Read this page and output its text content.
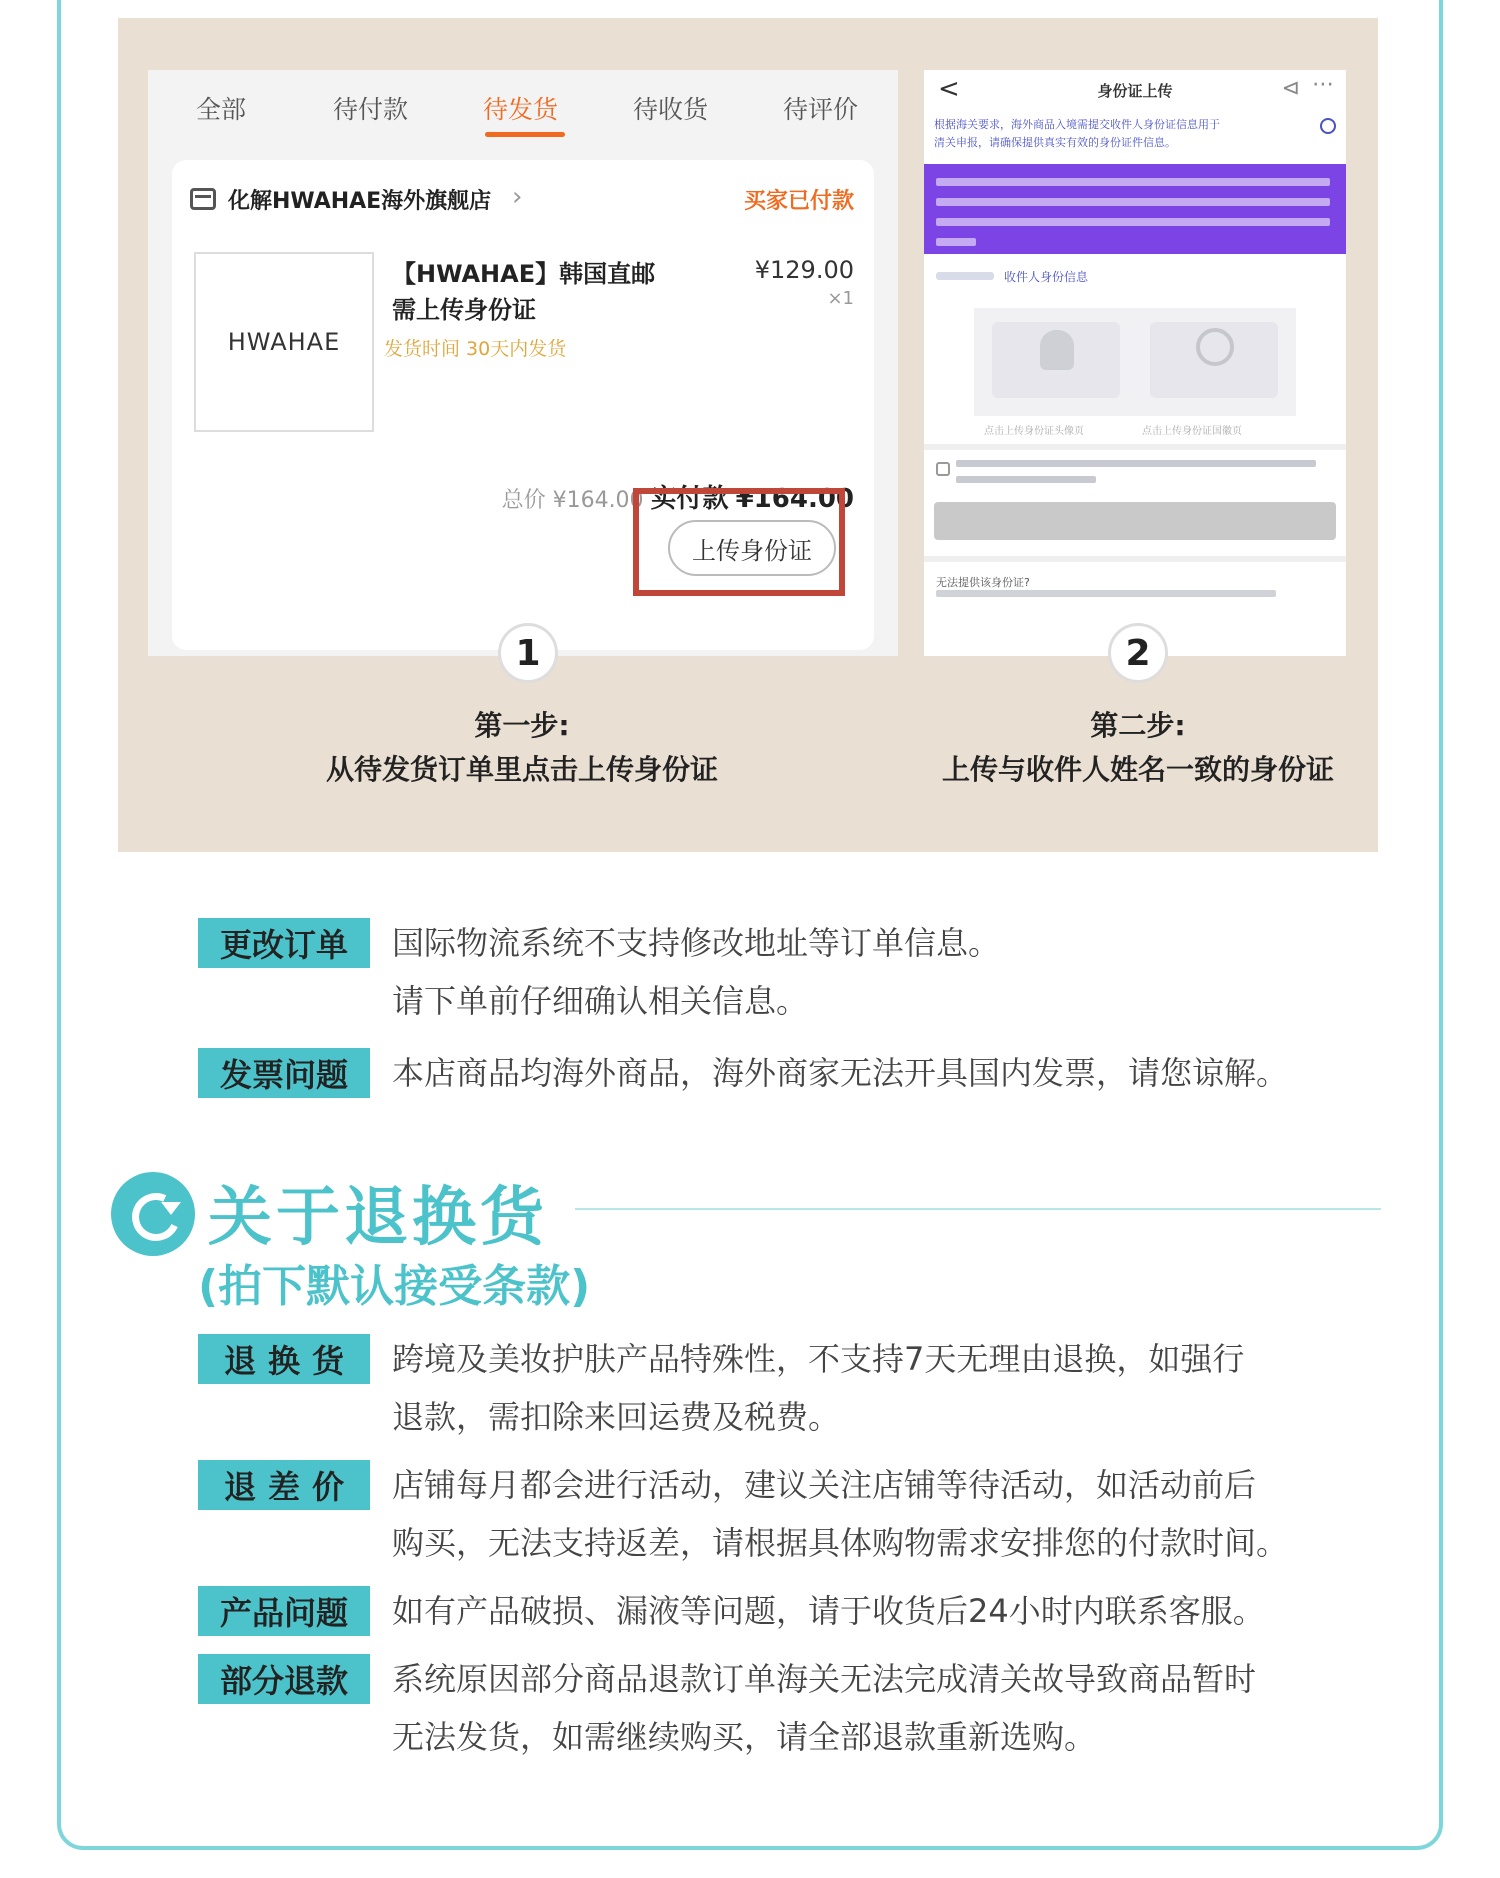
全部	待付款	待发货	待收货	待评价
化解HWAHAE海外旗舰店 ›	买家已付款
HWAHAE
【HWAHAE】韩国直邮
需上传身份证
发货时间 30天内发货
¥129.00
×1
总价 ¥164.00 实付款 ¥164.00
上传身份证
<	身份证上传	⊲ ⋯
根据海关要求，海外商品入境需提交收件人身份证信息用于
清关申报，请确保提供真实有效的身份证件信息。
收件人身份信息
点击上传身份证头像页	点击上传身份证国徽页
无法提供该身份证?
1	2
第一步:
从待发货订单里点击上传身份证
第二步:
上传与收件人姓名一致的身份证
更改订单	国际物流系统不支持修改地址等订单信息。
请下单前仔细确认相关信息。
发票问题	本店商品均海外商品，海外商家无法开具国内发票，请您谅解。
关于退换货
(拍下默认接受条款)
退换货	跨境及美妆护肤产品特殊性，不支持7天无理由退换，如强行
退款，需扣除来回运费及税费。
退差价	店铺每月都会进行活动，建议关注店铺等待活动，如活动前后
购买，无法支持返差，请根据具体购物需求安排您的付款时间。
产品问题	如有产品破损、漏液等问题，请于收货后24小时内联系客服。
部分退款	系统原因部分商品退款订单海关无法完成清关故导致商品暂时
无法发货，如需继续购买，请全部退款重新选购。
